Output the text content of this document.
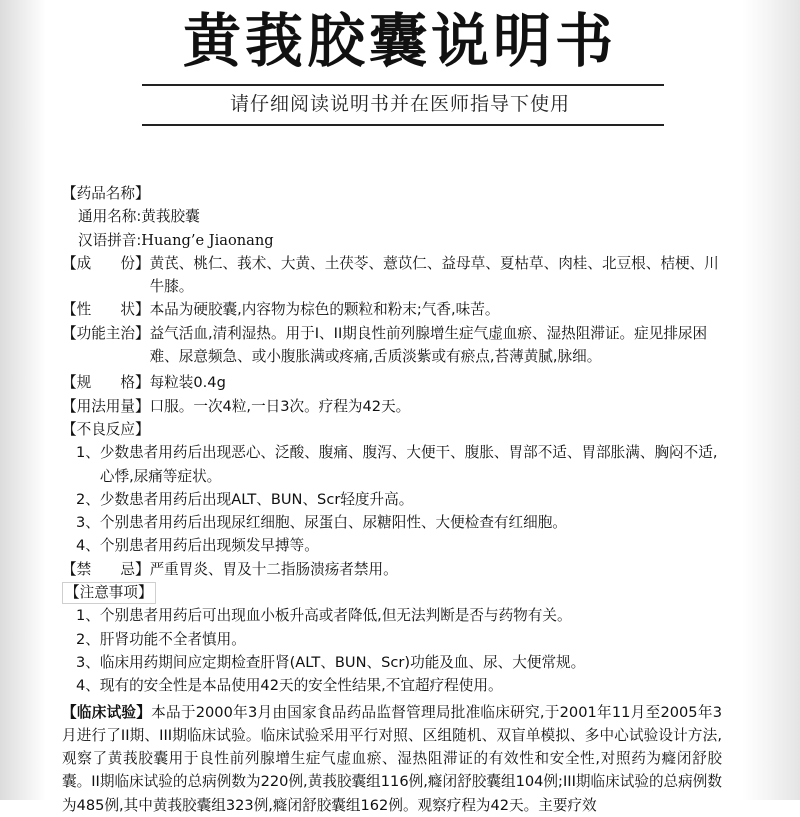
黄莪胶囊说明书
请仔细阅读说明书并在医师指导下使用
【药品名称】
通用名称:黄莪胶囊
汉语拼音:Huang’e Jiaonang
【成　　份】 黄芪、桃仁、莪术、大黄、土茯苓、薏苡仁、益母草、夏枯草、肉桂、北豆根、桔梗、川牛膝。
【性　　状】 本品为硬胶囊,内容物为棕色的颗粒和粉末;气香,味苦。
【功能主治】 益气活血,清利湿热。用于I、II期良性前列腺增生症气虚血瘀、湿热阻滞证。症见排尿困难、尿意频急、或小腹胀满或疼痛,舌质淡紫或有瘀点,苔薄黄腻,脉细。
【规　　格】 每粒装0.4g
【用法用量】 口服。一次4粒,一日3次。疗程为42天。
【不良反应】
1、 少数患者用药后出现恶心、泛酸、腹痛、腹泻、大便干、腹胀、胃部不适、胃部胀满、胸闷不适,心悸,尿痛等症状。
2、 少数患者用药后出现ALT、BUN、Scr轻度升高。
3、 个别患者用药后出现尿红细胞、尿蛋白、尿糖阳性、大便检查有红细胞。
4、 个别患者用药后出现频发早搏等。
【禁　　忌】 严重胃炎、胃及十二指肠溃疡者禁用。
【注意事项】
1、 个别患者用药后可出现血小板升高或者降低,但无法判断是否与药物有关。
2、 肝肾功能不全者慎用。
3、 临床用药期间应定期检查肝肾(ALT、BUN、Scr)功能及血、尿、大便常规。
4、 现有的安全性是本品使用42天的安全性结果,不宜超疗程使用。
【临床试验】本品于2000年3月由国家食品药品监督管理局批准临床研究,于2001年11月至2005年3月进行了II期、III期临床试验。临床试验采用平行对照、区组随机、双盲单模拟、多中心试验设计方法,观察了黄莪胶囊用于良性前列腺增生症气虚血瘀、湿热阻滞证的有效性和安全性,对照药为癃闭舒胶囊。II期临床试验的总病例数为220例,黄莪胶囊组116例,癃闭舒胶囊组104例;III期临床试验的总病例数为485例,其中黄莪胶囊组323例,癃闭舒胶囊组162例。观察疗程为42天。主要疗效
